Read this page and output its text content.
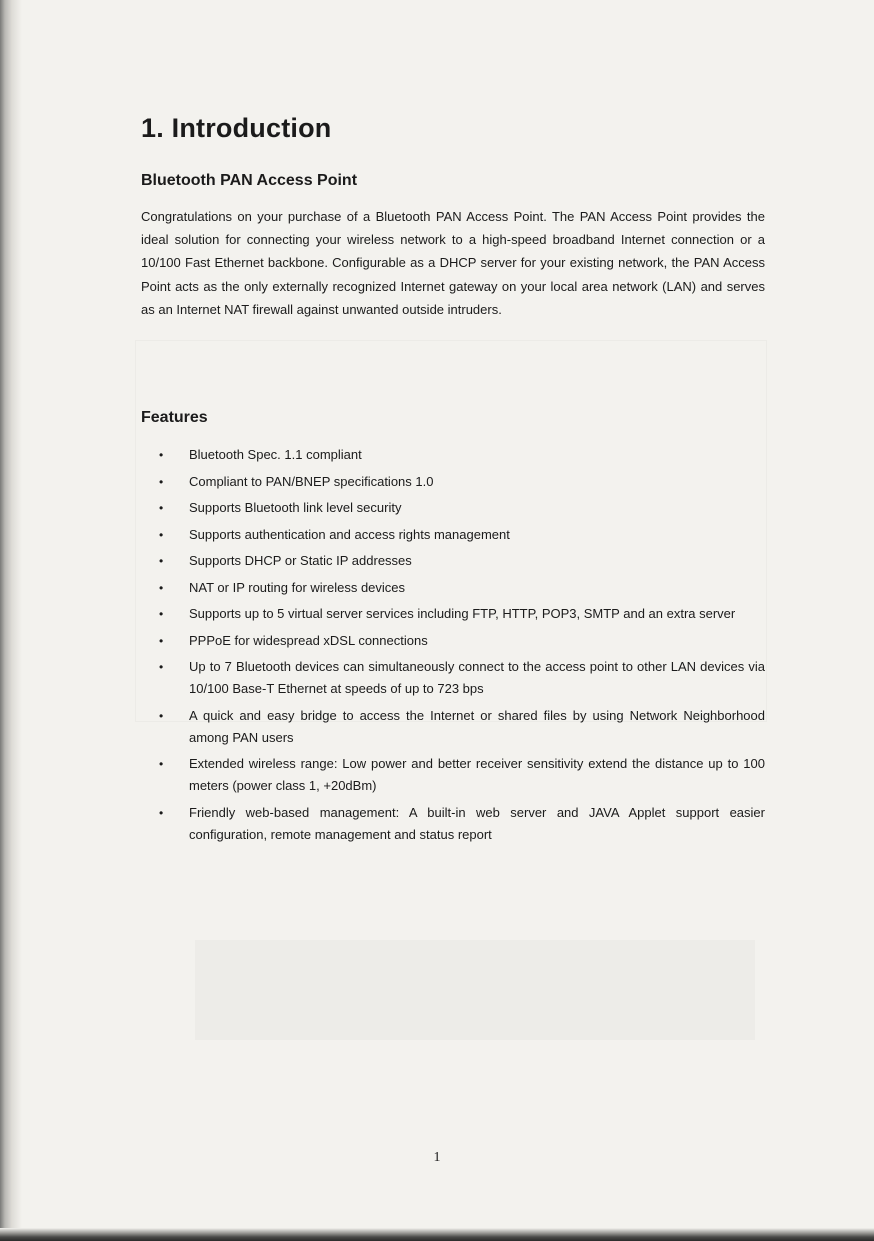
1. Introduction
Bluetooth PAN Access Point

Congratulations on your purchase of a Bluetooth PAN Access Point. The PAN Access Point provides the ideal solution for connecting your wireless network to a high-speed broadband Internet connection or a 10/100 Fast Ethernet backbone. Configurable as a DHCP server for your existing network, the PAN Access Point acts as the only externally recognized Internet gateway on your local area network (LAN) and serves as an Internet NAT firewall against unwanted outside intruders.

Features
• Bluetooth Spec. 1.1 compliant
• Compliant to PAN/BNEP specifications 1.0
• Supports Bluetooth link level security
• Supports authentication and access rights management
• Supports DHCP or Static IP addresses
• NAT or IP routing for wireless devices
• Supports up to 5 virtual server services including FTP, HTTP, POP3, SMTP and an extra server
• PPPoE for widespread xDSL connections
• Up to 7 Bluetooth devices can simultaneously connect to the access point to other LAN devices via 10/100 Base-T Ethernet at speeds of up to 723 bps
• A quick and easy bridge to access the Internet or shared files by using Network Neighborhood among PAN users
• Extended wireless range: Low power and better receiver sensitivity extend the distance up to 100 meters (power class 1, +20dBm)
• Friendly web-based management: A built-in web server and JAVA Applet support easier configuration, remote management and status report
1
